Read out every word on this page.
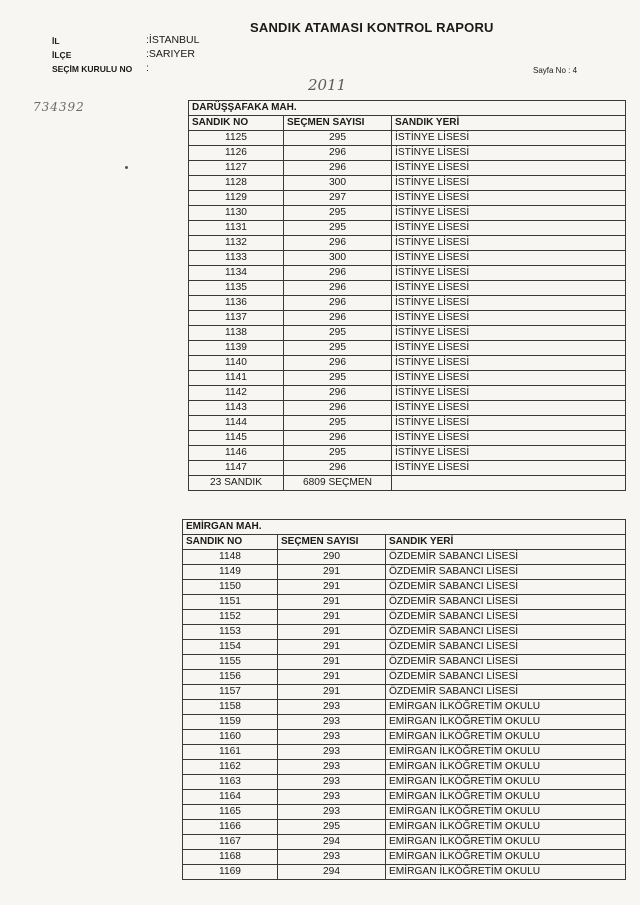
SANDIK ATAMASI KONTROL RAPORU
İL	:İSTANBUL
İLÇE	:SARIYER
SEÇİM KURULU NO :	Sayfa No : 4
2011
734392	DARÜŞŞAFAKA MAH.		
SANDIK NO	SEÇMEN SAYISI	SANDIK YERİ
1125	295	İSTİNYE LİSESİ
1126	296	İSTİNYE LİSESİ
1127	296	İSTİNYE LİSESİ
1128	300	İSTİNYE LİSESİ
1129	297	İSTİNYE LİSESİ
1130	295	İSTİNYE LİSESİ
1131	295	İSTİNYE LİSESİ
1132	296	İSTİNYE LİSESİ
1133	300	İSTİNYE LİSESİ
1134	296	İSTİNYE LİSESİ
1135	296	İSTİNYE LİSESİ
1136	296	İSTİNYE LİSESİ
1137	296	İSTİNYE LİSESİ
1138	295	İSTİNYE LİSESİ
1139	295	İSTİNYE LİSESİ
1140	296	İSTİNYE LİSESİ
1141	295	İSTİNYE LİSESİ
1142	296	İSTİNYE LİSESİ
1143	296	İSTİNYE LİSESİ
1144	295	İSTİNYE LİSESİ
1145	296	İSTİNYE LİSESİ
1146	295	İSTİNYE LİSESİ
1147	296	İSTİNYE LİSESİ
23 SANDIK	6809 SEÇMEN	
EMİRGAN MAH.		
SANDIK NO	SEÇMEN SAYISI	SANDIK YERİ
1148	290	ÖZDEMİR SABANCI LİSESİ
1149	291	ÖZDEMİR SABANCI LİSESİ
1150	291	ÖZDEMİR SABANCI LİSESİ
1151	291	ÖZDEMİR SABANCI LİSESİ
1152	291	ÖZDEMİR SABANCI LİSESİ
1153	291	ÖZDEMİR SABANCI LİSESİ
1154	291	ÖZDEMİR SABANCI LİSESİ
1155	291	ÖZDEMİR SABANCI LİSESİ
1156	291	ÖZDEMİR SABANCI LİSESİ
1157	291	ÖZDEMİR SABANCI LİSESİ
1158	293	EMİRGAN İLKÖĞRETİM OKULU
1159	293	EMİRGAN İLKÖĞRETİM OKULU
1160	293	EMİRGAN İLKÖĞRETİM OKULU
1161	293	EMİRGAN İLKÖĞRETİM OKULU
1162	293	EMİRGAN İLKÖĞRETİM OKULU
1163	293	EMİRGAN İLKÖĞRETİM OKULU
1164	293	EMİRGAN İLKÖĞRETİM OKULU
1165	293	EMİRGAN İLKÖĞRETİM OKULU
1166	295	EMİRGAN İLKÖĞRETİM OKULU
1167	294	EMİRGAN İLKÖĞRETİM OKULU
1168	293	EMİRGAN İLKÖĞRETİM OKULU
1169	294	EMİRGAN İLKÖĞRETİM OKULU
